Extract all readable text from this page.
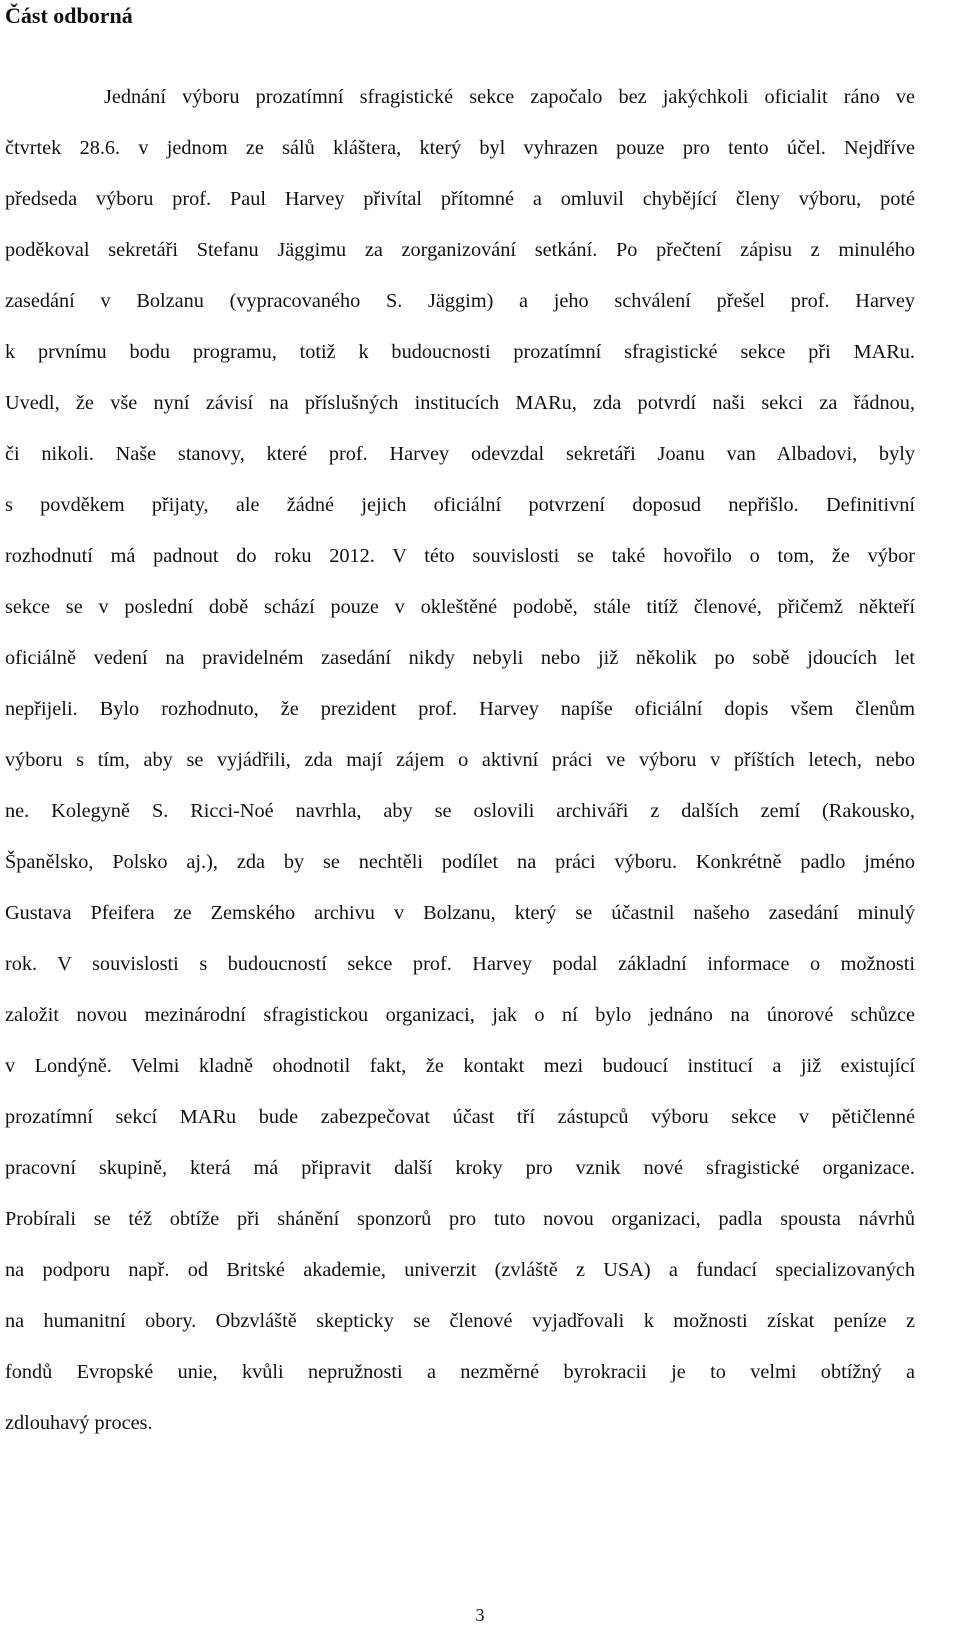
Část odborná
Jednání výboru prozatímní sfragistické sekce započalo bez jakýchkoli oficialit ráno ve
čtvrtek 28.6. v jednom ze sálů kláštera, který byl vyhrazen pouze pro tento účel. Nejdříve
předseda výboru prof. Paul Harvey přivítal přítomné a omluvil chybějící členy výboru, poté
poděkoval sekretáři Stefanu Jäggimu za zorganizování setkání. Po přečtení zápisu z minulého
zasedání v Bolzanu (vypracovaného S. Jäggim) a jeho schválení přešel prof. Harvey
k prvnímu bodu programu, totiž k budoucnosti prozatímní sfragistické sekce při MARu.
Uvedl, že vše nyní závisí na příslušných institucích MARu, zda potvrdí naši sekci za řádnou,
či nikoli. Naše stanovy, které prof. Harvey odevzdal sekretáři Joanu van Albadovi, byly
s povděkem přijaty, ale žádné jejich oficiální potvrzení doposud nepřišlo. Definitivní
rozhodnutí má padnout do roku 2012. V této souvislosti se také hovořilo o tom, že výbor
sekce se v poslední době schází pouze v okleštěné podobě, stále titíž členové, přičemž někteří
oficiálně vedení na pravidelném zasedání nikdy nebyli nebo již několik po sobě jdoucích let
nepřijeli. Bylo rozhodnuto, že prezident prof. Harvey napíše oficiální dopis všem členům
výboru s tím, aby se vyjádřili, zda mají zájem o aktivní práci ve výboru v příštích letech, nebo
ne. Kolegyně S. Ricci-Noé navrhla, aby se oslovili archiváři z dalších zemí (Rakousko,
Španělsko, Polsko aj.), zda by se nechtěli podílet na práci výboru. Konkrétně padlo jméno
Gustava Pfeifera ze Zemského archivu v Bolzanu, který se účastnil našeho zasedání minulý
rok. V souvislosti s budoucností sekce prof. Harvey podal základní informace o možnosti
založit novou mezinárodní sfragistickou organizaci, jak o ní bylo jednáno na únorové schůzce
v Londýně. Velmi kladně ohodnotil fakt, že kontakt mezi budoucí institucí a již existující
prozatímní sekcí MARu bude zabezpečovat účast tří zástupců výboru sekce v pětičlenné
pracovní skupině, která má připravit další kroky pro vznik nové sfragistické organizace.
Probírali se též obtíže při shánění sponzorů pro tuto novou organizaci, padla spousta návrhů
na podporu např. od Britské akademie, univerzit (zvláště z USA) a fundací specializovaných
na humanitní obory. Obzvláště skepticky se členové vyjadřovali k možnosti získat peníze z
fondů Evropské unie, kvůli nepružnosti a nezměrné byrokracii je to velmi obtížný a
zdlouhavý proces.
3
